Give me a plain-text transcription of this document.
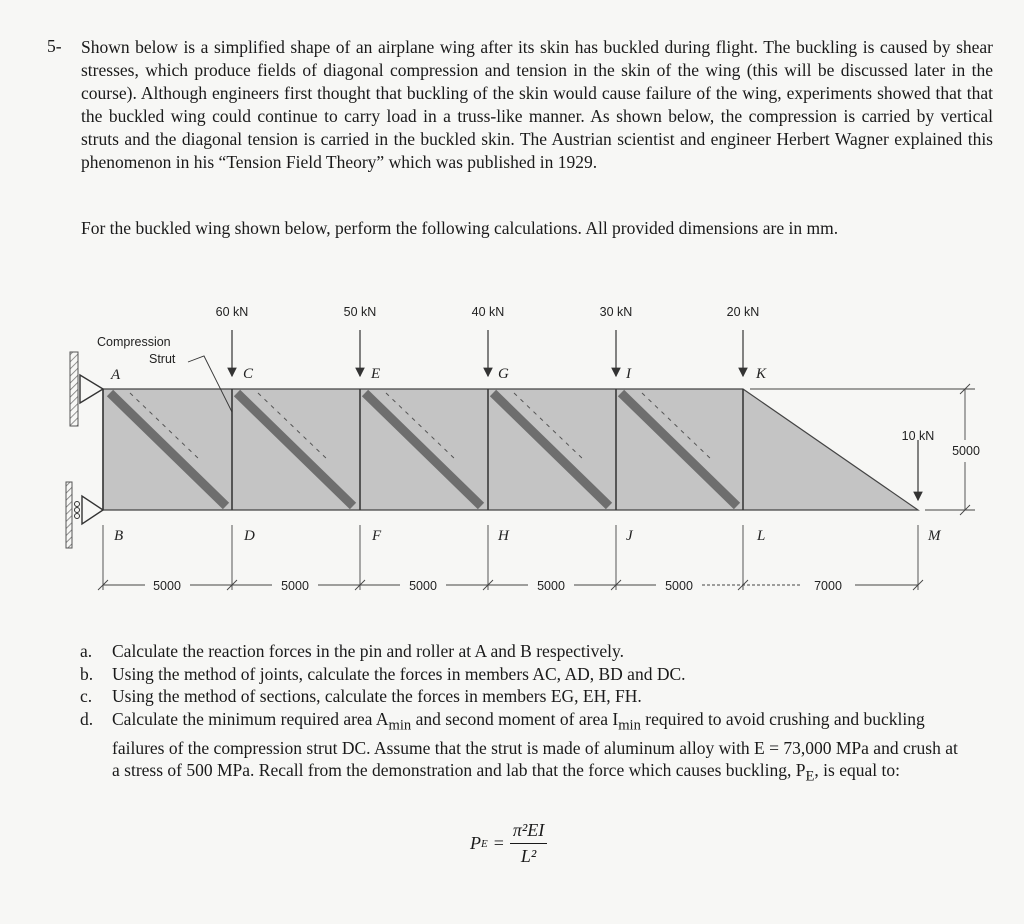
5- Shown below is a simplified shape of an airplane wing after its skin has buckled during flight. The buckling is caused by shear stresses, which produce fields of diagonal compression and tension in the skin of the wing (this will be discussed later in the course). Although engineers first thought that buckling of the skin would cause failure of the wing, experiments showed that that the buckled wing could continue to carry load in a truss-like manner. As shown below, the compression is carried by vertical struts and the diagonal tension is carried in the buckled skin. The Austrian scientist and engineer Herbert Wagner explained this phenomenon in his “Tension Field Theory” which was published in 1929.

For the buckled wing shown below, perform the following calculations. All provided dimensions are in mm.

60 kN	50 kN	40 kN	30 kN	20 kN
10 kN
Compression
Strut
A	C	E	G	I	K
B	D	F	H	J	L	M
5000	5000	5000	5000	5000	7000
5000
a. Calculate the reaction forces in the pin and roller at A and B respectively.
b. Using the method of joints, calculate the forces in members AC, AD, BD and DC.
c. Using the method of sections, calculate the forces in members EG, EH, FH.
d. Calculate the minimum required area $A_{min}$ and second moment of area $I_{min}$ required to avoid crushing and buckling failures of the compression strut DC. Assume that the strut is made of aluminum alloy with E = 73,000 MPa and crush at a stress of 500 MPa. Recall from the demonstration and lab that the force which causes buckling, $P_E$, is equal to:
P $E = \frac{\text{π²EI}}{\text{L²}}$
